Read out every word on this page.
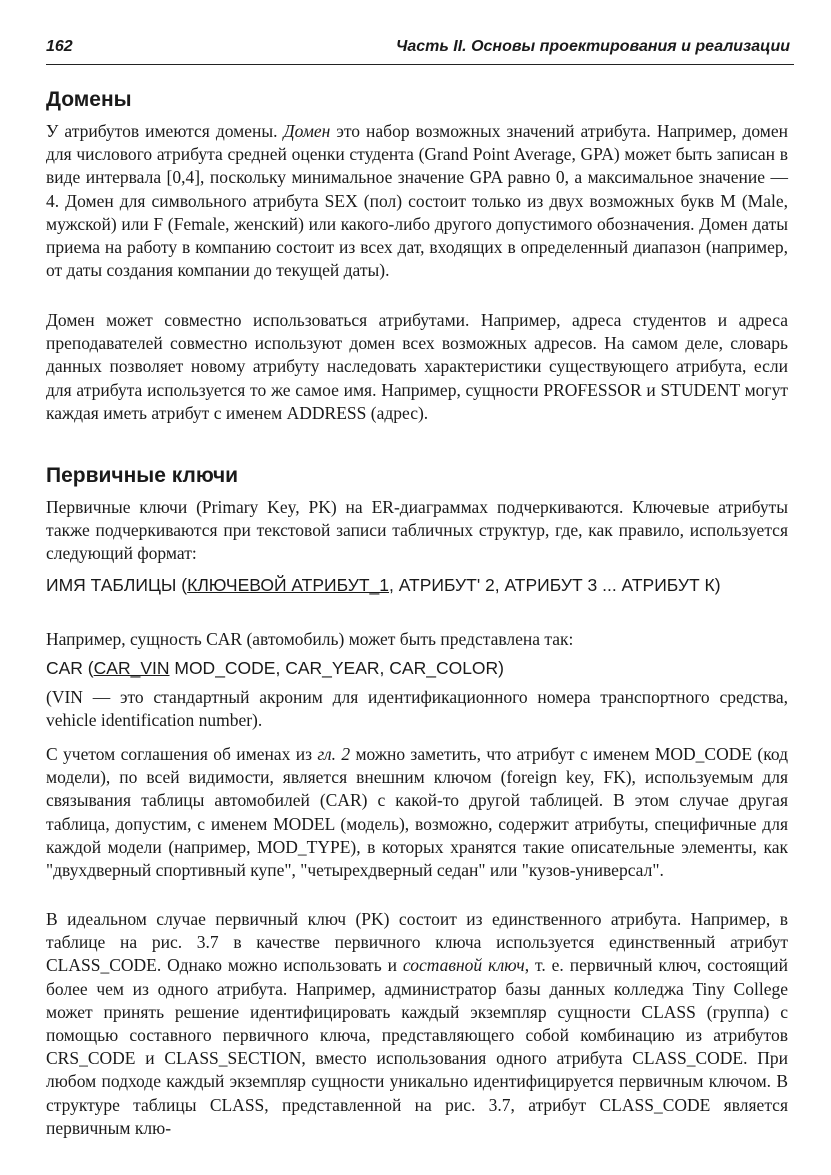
162	Часть II. Основы проектирования и реализации
Домены

У атрибутов имеются домены. Домен это набор возможных значений атрибута. Например, домен для числового атрибута средней оценки студента (Grand Point Average, GPA) может быть записан в виде интервала [0,4], поскольку минимальное значение GPA равно 0, а максимальное значение — 4. Домен для символьного атрибута SEX (пол) состоит только из двух возможных букв M (Male, мужской) или F (Female, женский) или какого-либо другого допустимого обозначения. Домен даты приема на работу в компанию состоит из всех дат, входящих в определенный диапазон (например, от даты создания компании до текущей даты).

Домен может совместно использоваться атрибутами. Например, адреса студентов и адреса преподавателей совместно используют домен всех возможных адресов. На самом деле, словарь данных позволяет новому атрибуту наследовать характеристики существующего атрибута, если для атрибута используется то же самое имя. Например, сущности PROFESSOR и STUDENT могут каждая иметь атрибут с именем ADDRESS (адрес).

Первичные ключи

Первичные ключи (Primary Key, PK) на ER-диаграммах подчеркиваются. Ключевые атрибуты также подчеркиваются при текстовой записи табличных структур, где, как правило, используется следующий формат:

ИМЯ ТАБЛИЦЫ (КЛЮЧЕВОЙ АТРИБУТ_1, АТРИБУТ' 2, АТРИБУТ 3 ... АТРИБУТ К)

Например, сущность CAR (автомобиль) может быть представлена так:

CAR (CAR_VIN MOD_CODE, CAR_YEAR, CAR_COLOR)

(VIN — это стандартный акроним для идентификационного номера транспортного средства, vehicle identification number).

С учетом соглашения об именах из гл. 2 можно заметить, что атрибут с именем MOD_CODE (код модели), по всей видимости, является внешним ключом (foreign key, FK), используемым для связывания таблицы автомобилей (CAR) с какой-то другой таблицей. В этом случае другая таблица, допустим, с именем MODEL (модель), возможно, содержит атрибуты, специфичные для каждой модели (например, MOD_TYPE), в которых хранятся такие описательные элементы, как "двухдверный спортивный купе", "четырехдверный седан" или "кузов-универсал".

В идеальном случае первичный ключ (PK) состоит из единственного атрибута. Например, в таблице на рис. 3.7 в качестве первичного ключа используется единственный атрибут CLASS_CODE. Однако можно использовать и составной ключ, т. е. первичный ключ, состоящий более чем из одного атрибута. Например, администратор базы данных колледжа Tiny College может принять решение идентифицировать каждый экземпляр сущности CLASS (группа) с помощью составного первичного ключа, представляющего собой комбинацию из атрибутов CRS_CODE и CLASS_SECTION, вместо использования одного атрибута CLASS_CODE. При любом подходе каждый экземпляр сущности уникально идентифицируется первичным ключом. В структуре таблицы CLASS, представленной на рис. 3.7, атрибут CLASS_CODE является первичным клю-
